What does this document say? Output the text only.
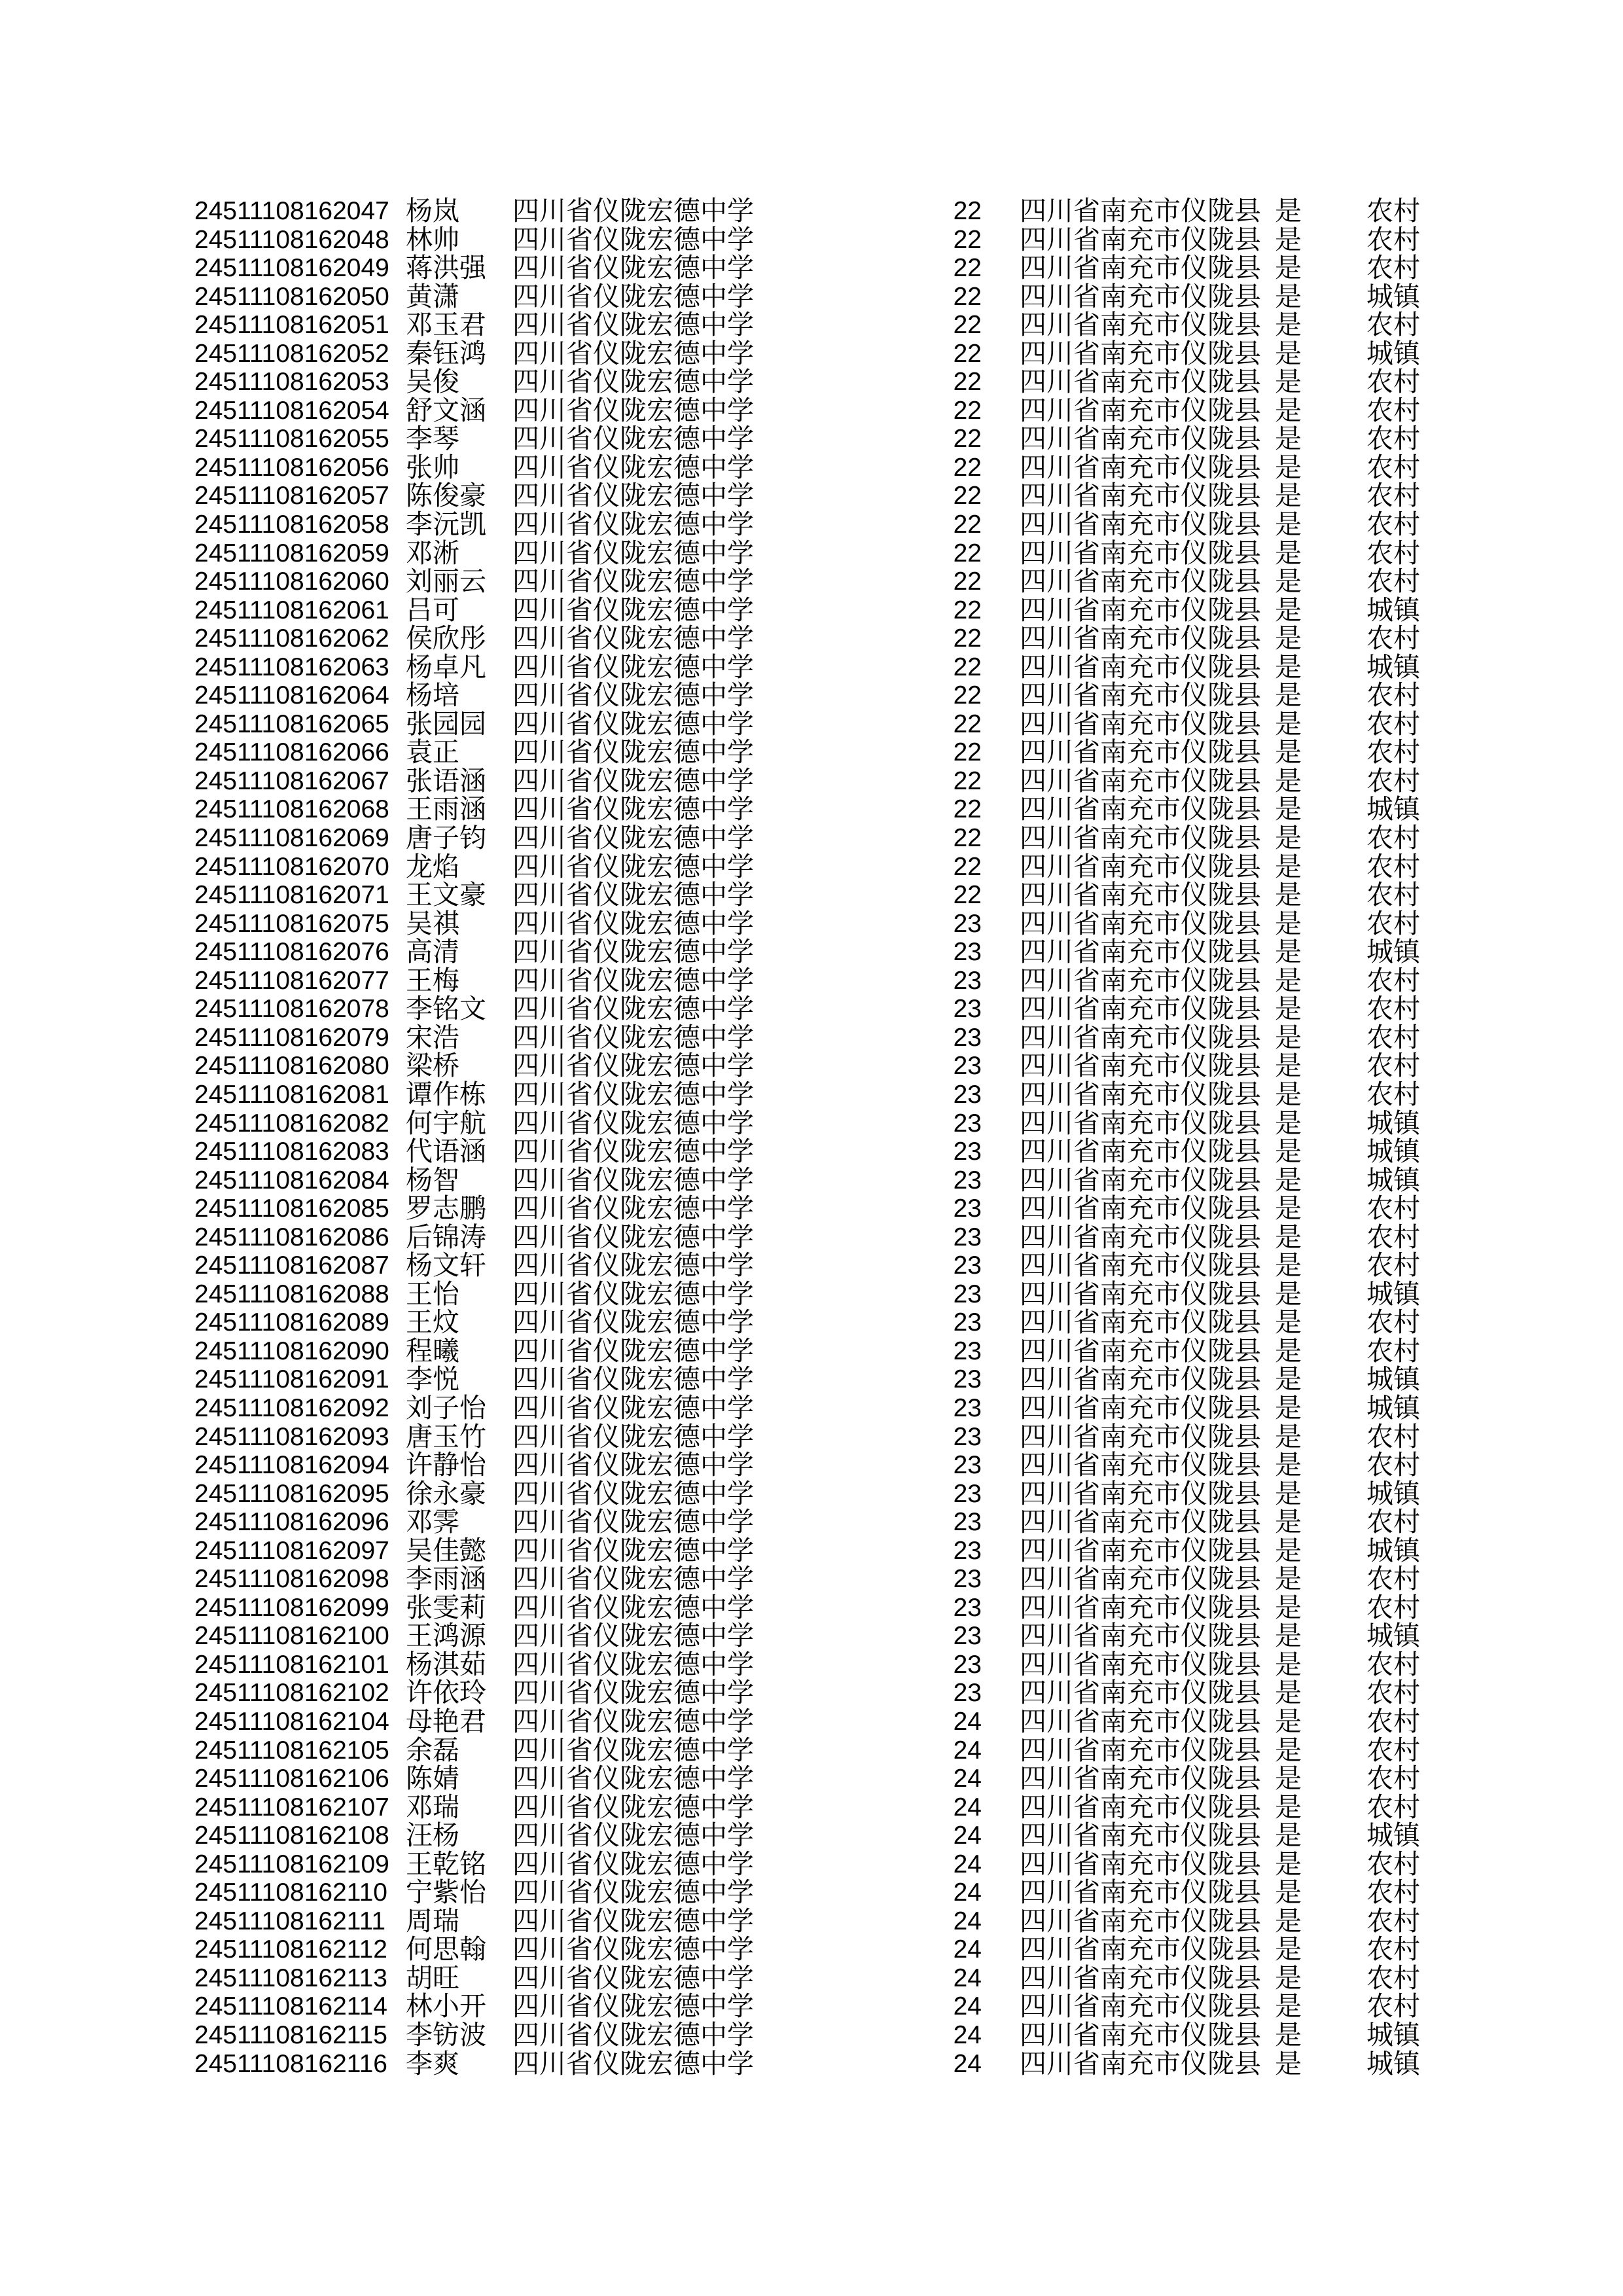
24511108162047 杨岚 四川省仪陇宏德中学	22 四川省南充市仪陇县 是 农村
24511108162048 林帅 四川省仪陇宏德中学	22 四川省南充市仪陇县 是 农村
24511108162049 蒋洪强 四川省仪陇宏德中学	22 四川省南充市仪陇县 是 农村
24511108162050 黄潇 四川省仪陇宏德中学	22 四川省南充市仪陇县 是 城镇
24511108162051 邓玉君 四川省仪陇宏德中学	22 四川省南充市仪陇县 是 农村
24511108162052 秦钰鸿 四川省仪陇宏德中学	22 四川省南充市仪陇县 是 城镇
24511108162053 吴俊 四川省仪陇宏德中学	22 四川省南充市仪陇县 是 农村
24511108162054 舒文涵 四川省仪陇宏德中学	22 四川省南充市仪陇县 是 农村
24511108162055 李琴 四川省仪陇宏德中学	22 四川省南充市仪陇县 是 农村
24511108162056 张帅 四川省仪陇宏德中学	22 四川省南充市仪陇县 是 农村
24511108162057 陈俊豪 四川省仪陇宏德中学	22 四川省南充市仪陇县 是 农村
24511108162058 李沅凯 四川省仪陇宏德中学	22 四川省南充市仪陇县 是 农村
24511108162059 邓淅 四川省仪陇宏德中学	22 四川省南充市仪陇县 是 农村
24511108162060 刘丽云 四川省仪陇宏德中学	22 四川省南充市仪陇县 是 农村
24511108162061 吕可 四川省仪陇宏德中学	22 四川省南充市仪陇县 是 城镇
24511108162062 侯欣彤 四川省仪陇宏德中学	22 四川省南充市仪陇县 是 农村
24511108162063 杨卓凡 四川省仪陇宏德中学	22 四川省南充市仪陇县 是 城镇
24511108162064 杨培 四川省仪陇宏德中学	22 四川省南充市仪陇县 是 农村
24511108162065 张园园 四川省仪陇宏德中学	22 四川省南充市仪陇县 是 农村
24511108162066 袁正 四川省仪陇宏德中学	22 四川省南充市仪陇县 是 农村
24511108162067 张语涵 四川省仪陇宏德中学	22 四川省南充市仪陇县 是 农村
24511108162068 王雨涵 四川省仪陇宏德中学	22 四川省南充市仪陇县 是 城镇
24511108162069 唐子钧 四川省仪陇宏德中学	22 四川省南充市仪陇县 是 农村
24511108162070 龙焰 四川省仪陇宏德中学	22 四川省南充市仪陇县 是 农村
24511108162071 王文豪 四川省仪陇宏德中学	22 四川省南充市仪陇县 是 农村
24511108162075 吴祺 四川省仪陇宏德中学	23 四川省南充市仪陇县 是 农村
24511108162076 高清 四川省仪陇宏德中学	23 四川省南充市仪陇县 是 城镇
24511108162077 王梅 四川省仪陇宏德中学	23 四川省南充市仪陇县 是 农村
24511108162078 李铭文 四川省仪陇宏德中学	23 四川省南充市仪陇县 是 农村
24511108162079 宋浩 四川省仪陇宏德中学	23 四川省南充市仪陇县 是 农村
24511108162080 梁桥 四川省仪陇宏德中学	23 四川省南充市仪陇县 是 农村
24511108162081 谭作栋 四川省仪陇宏德中学	23 四川省南充市仪陇县 是 农村
24511108162082 何宇航 四川省仪陇宏德中学	23 四川省南充市仪陇县 是 城镇
24511108162083 代语涵 四川省仪陇宏德中学	23 四川省南充市仪陇县 是 城镇
24511108162084 杨智 四川省仪陇宏德中学	23 四川省南充市仪陇县 是 城镇
24511108162085 罗志鹏 四川省仪陇宏德中学	23 四川省南充市仪陇县 是 农村
24511108162086 后锦涛 四川省仪陇宏德中学	23 四川省南充市仪陇县 是 农村
24511108162087 杨文轩 四川省仪陇宏德中学	23 四川省南充市仪陇县 是 农村
24511108162088 王怡 四川省仪陇宏德中学	23 四川省南充市仪陇县 是 城镇
24511108162089 王炆 四川省仪陇宏德中学	23 四川省南充市仪陇县 是 农村
24511108162090 程曦 四川省仪陇宏德中学	23 四川省南充市仪陇县 是 农村
24511108162091 李悦 四川省仪陇宏德中学	23 四川省南充市仪陇县 是 城镇
24511108162092 刘子怡 四川省仪陇宏德中学	23 四川省南充市仪陇县 是 城镇
24511108162093 唐玉竹 四川省仪陇宏德中学	23 四川省南充市仪陇县 是 农村
24511108162094 许静怡 四川省仪陇宏德中学	23 四川省南充市仪陇县 是 农村
24511108162095 徐永豪 四川省仪陇宏德中学	23 四川省南充市仪陇县 是 城镇
24511108162096 邓霁 四川省仪陇宏德中学	23 四川省南充市仪陇县 是 农村
24511108162097 吴佳懿 四川省仪陇宏德中学	23 四川省南充市仪陇县 是 城镇
24511108162098 李雨涵 四川省仪陇宏德中学	23 四川省南充市仪陇县 是 农村
24511108162099 张雯莉 四川省仪陇宏德中学	23 四川省南充市仪陇县 是 农村
24511108162100 王鸿源 四川省仪陇宏德中学	23 四川省南充市仪陇县 是 城镇
24511108162101 杨淇茹 四川省仪陇宏德中学	23 四川省南充市仪陇县 是 农村
24511108162102 许依玲 四川省仪陇宏德中学	23 四川省南充市仪陇县 是 农村
24511108162104 母艳君 四川省仪陇宏德中学	24 四川省南充市仪陇县 是 农村
24511108162105 余磊 四川省仪陇宏德中学	24 四川省南充市仪陇县 是 农村
24511108162106 陈婧 四川省仪陇宏德中学	24 四川省南充市仪陇县 是 农村
24511108162107 邓瑞 四川省仪陇宏德中学	24 四川省南充市仪陇县 是 农村
24511108162108 汪杨 四川省仪陇宏德中学	24 四川省南充市仪陇县 是 城镇
24511108162109 王乾铭 四川省仪陇宏德中学	24 四川省南充市仪陇县 是 农村
24511108162110 宁紫怡 四川省仪陇宏德中学	24 四川省南充市仪陇县 是 农村
24511108162111 周瑞 四川省仪陇宏德中学	24 四川省南充市仪陇县 是 农村
24511108162112 何思翰 四川省仪陇宏德中学	24 四川省南充市仪陇县 是 农村
24511108162113 胡旺 四川省仪陇宏德中学	24 四川省南充市仪陇县 是 农村
24511108162114 林小开 四川省仪陇宏德中学	24 四川省南充市仪陇县 是 农村
24511108162115 李钫波 四川省仪陇宏德中学	24 四川省南充市仪陇县 是 城镇
24511108162116 李爽 四川省仪陇宏德中学	24 四川省南充市仪陇县 是 城镇
